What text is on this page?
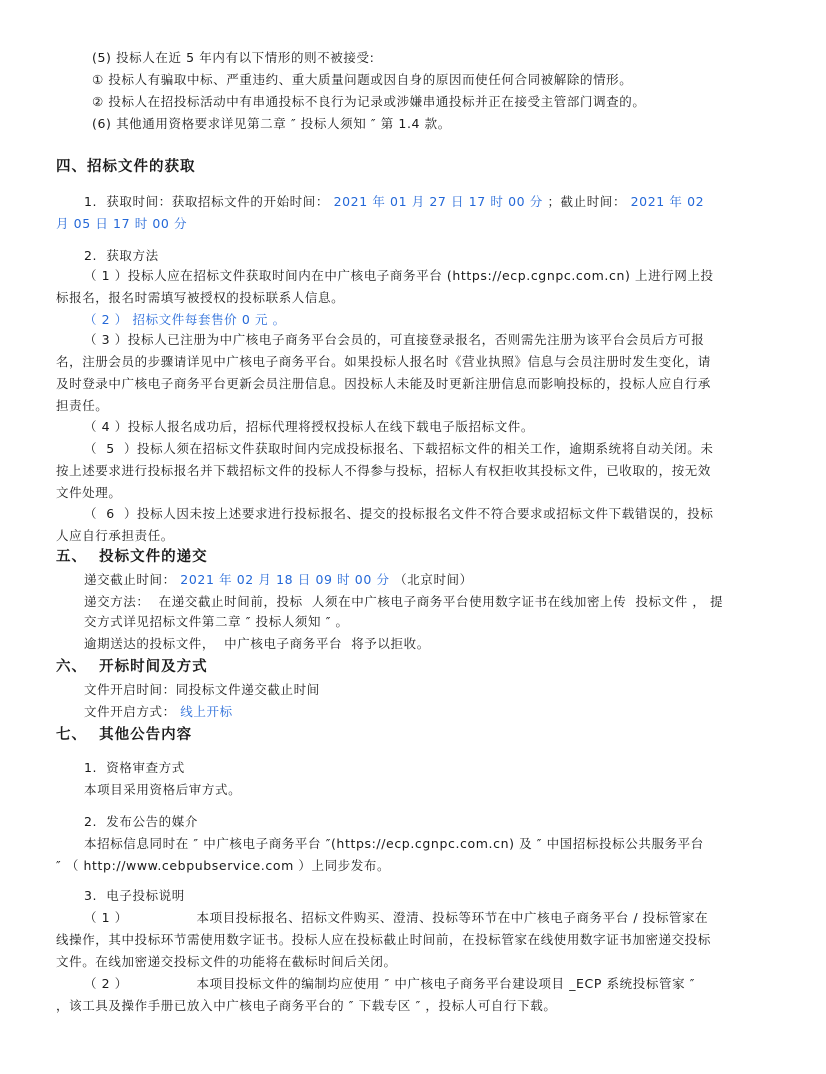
(5) 投标人在近 5 年内有以下情形的则不被接受:
① 投标人有骗取中标、严重违约、重大质量问题或因自身的原因而使任何合同被解除的情形。
② 投标人在招投标活动中有串通投标不良行为记录或涉嫌串通投标并正在接受主管部门调查的。
(6) 其他通用资格要求详见第二章 ″ 投标人须知 ″ 第 1.4 款。
四、招标文件的获取
1.  获取时间：获取招标文件的开始时间： 2021 年 01 月 27 日 17 时 00 分 ；截止时间： 2021 年 02
月 05 日 17 时 00 分
2.  获取方法
（ 1 ）投标人应在招标文件获取时间内在中广核电子商务平台 (https://ecp.cgnpc.com.cn) 上进行网上投
标报名，报名时需填写被授权的投标联系人信息。
（ 2 ） 招标文件每套售价 0 元 。
（ 3 ）投标人已注册为中广核电子商务平台会员的，可直接登录报名，否则需先注册为该平台会员后方可报
名，注册会员的步骤请详见中广核电子商务平台。如果投标人报名时《营业执照》信息与会员注册时发生变化，请
及时登录中广核电子商务平台更新会员注册信息。因投标人未能及时更新注册信息而影响投标的，投标人应自行承
担责任。
（ 4 ）投标人报名成功后，招标代理将授权投标人在线下载电子版招标文件。
（  5  ）投标人须在招标文件获取时间内完成投标报名、下载招标文件的相关工作，逾期系统将自动关闭。未
按上述要求进行投标报名并下载招标文件的投标人不得参与投标，招标人有权拒收其投标文件，已收取的，按无效
文件处理。
（  6  ）投标人因未按上述要求进行投标报名、提交的投标报名文件不符合要求或招标文件下载错误的，投标
人应自行承担责任。
五、  投标文件的递交
递交截止时间： 2021 年 02 月 18 日 09 时 00 分 （北京时间）
递交方法：  在递交截止时间前，投标  人须在中广核电子商务平台使用数字证书在线加密上传  投标文件 ， 提
交方式详见招标文件第二章 ″ 投标人须知 ″ 。
逾期送达的投标文件，  中广核电子商务平台  将予以拒收。
六、  开标时间及方式
文件开启时间：同投标文件递交截止时间
文件开启方式： 线上开标
七、  其他公告内容
1.  资格审查方式
本项目采用资格后审方式。
2.  发布公告的媒介
本招标信息同时在 ″ 中广核电子商务平台 ″(https://ecp.cgnpc.com.cn) 及 ″ 中国招标投标公共服务平台
″ （ http://www.cebpubservice.com ）上同步发布。
3.  电子投标说明
（ 1 ）               本项目投标报名、招标文件购买、澄清、投标等环节在中广核电子商务平台 / 投标管家在
线操作，其中投标环节需使用数字证书。投标人应在投标截止时间前，在投标管家在线使用数字证书加密递交投标
文件。在线加密递交投标文件的功能将在截标时间后关闭。
（ 2 ）               本项目投标文件的编制均应使用 ″ 中广核电子商务平台建设项目 _ECP 系统投标管家 ″
，该工具及操作手册已放入中广核电子商务平台的 ″ 下载专区 ″ ，投标人可自行下载。
